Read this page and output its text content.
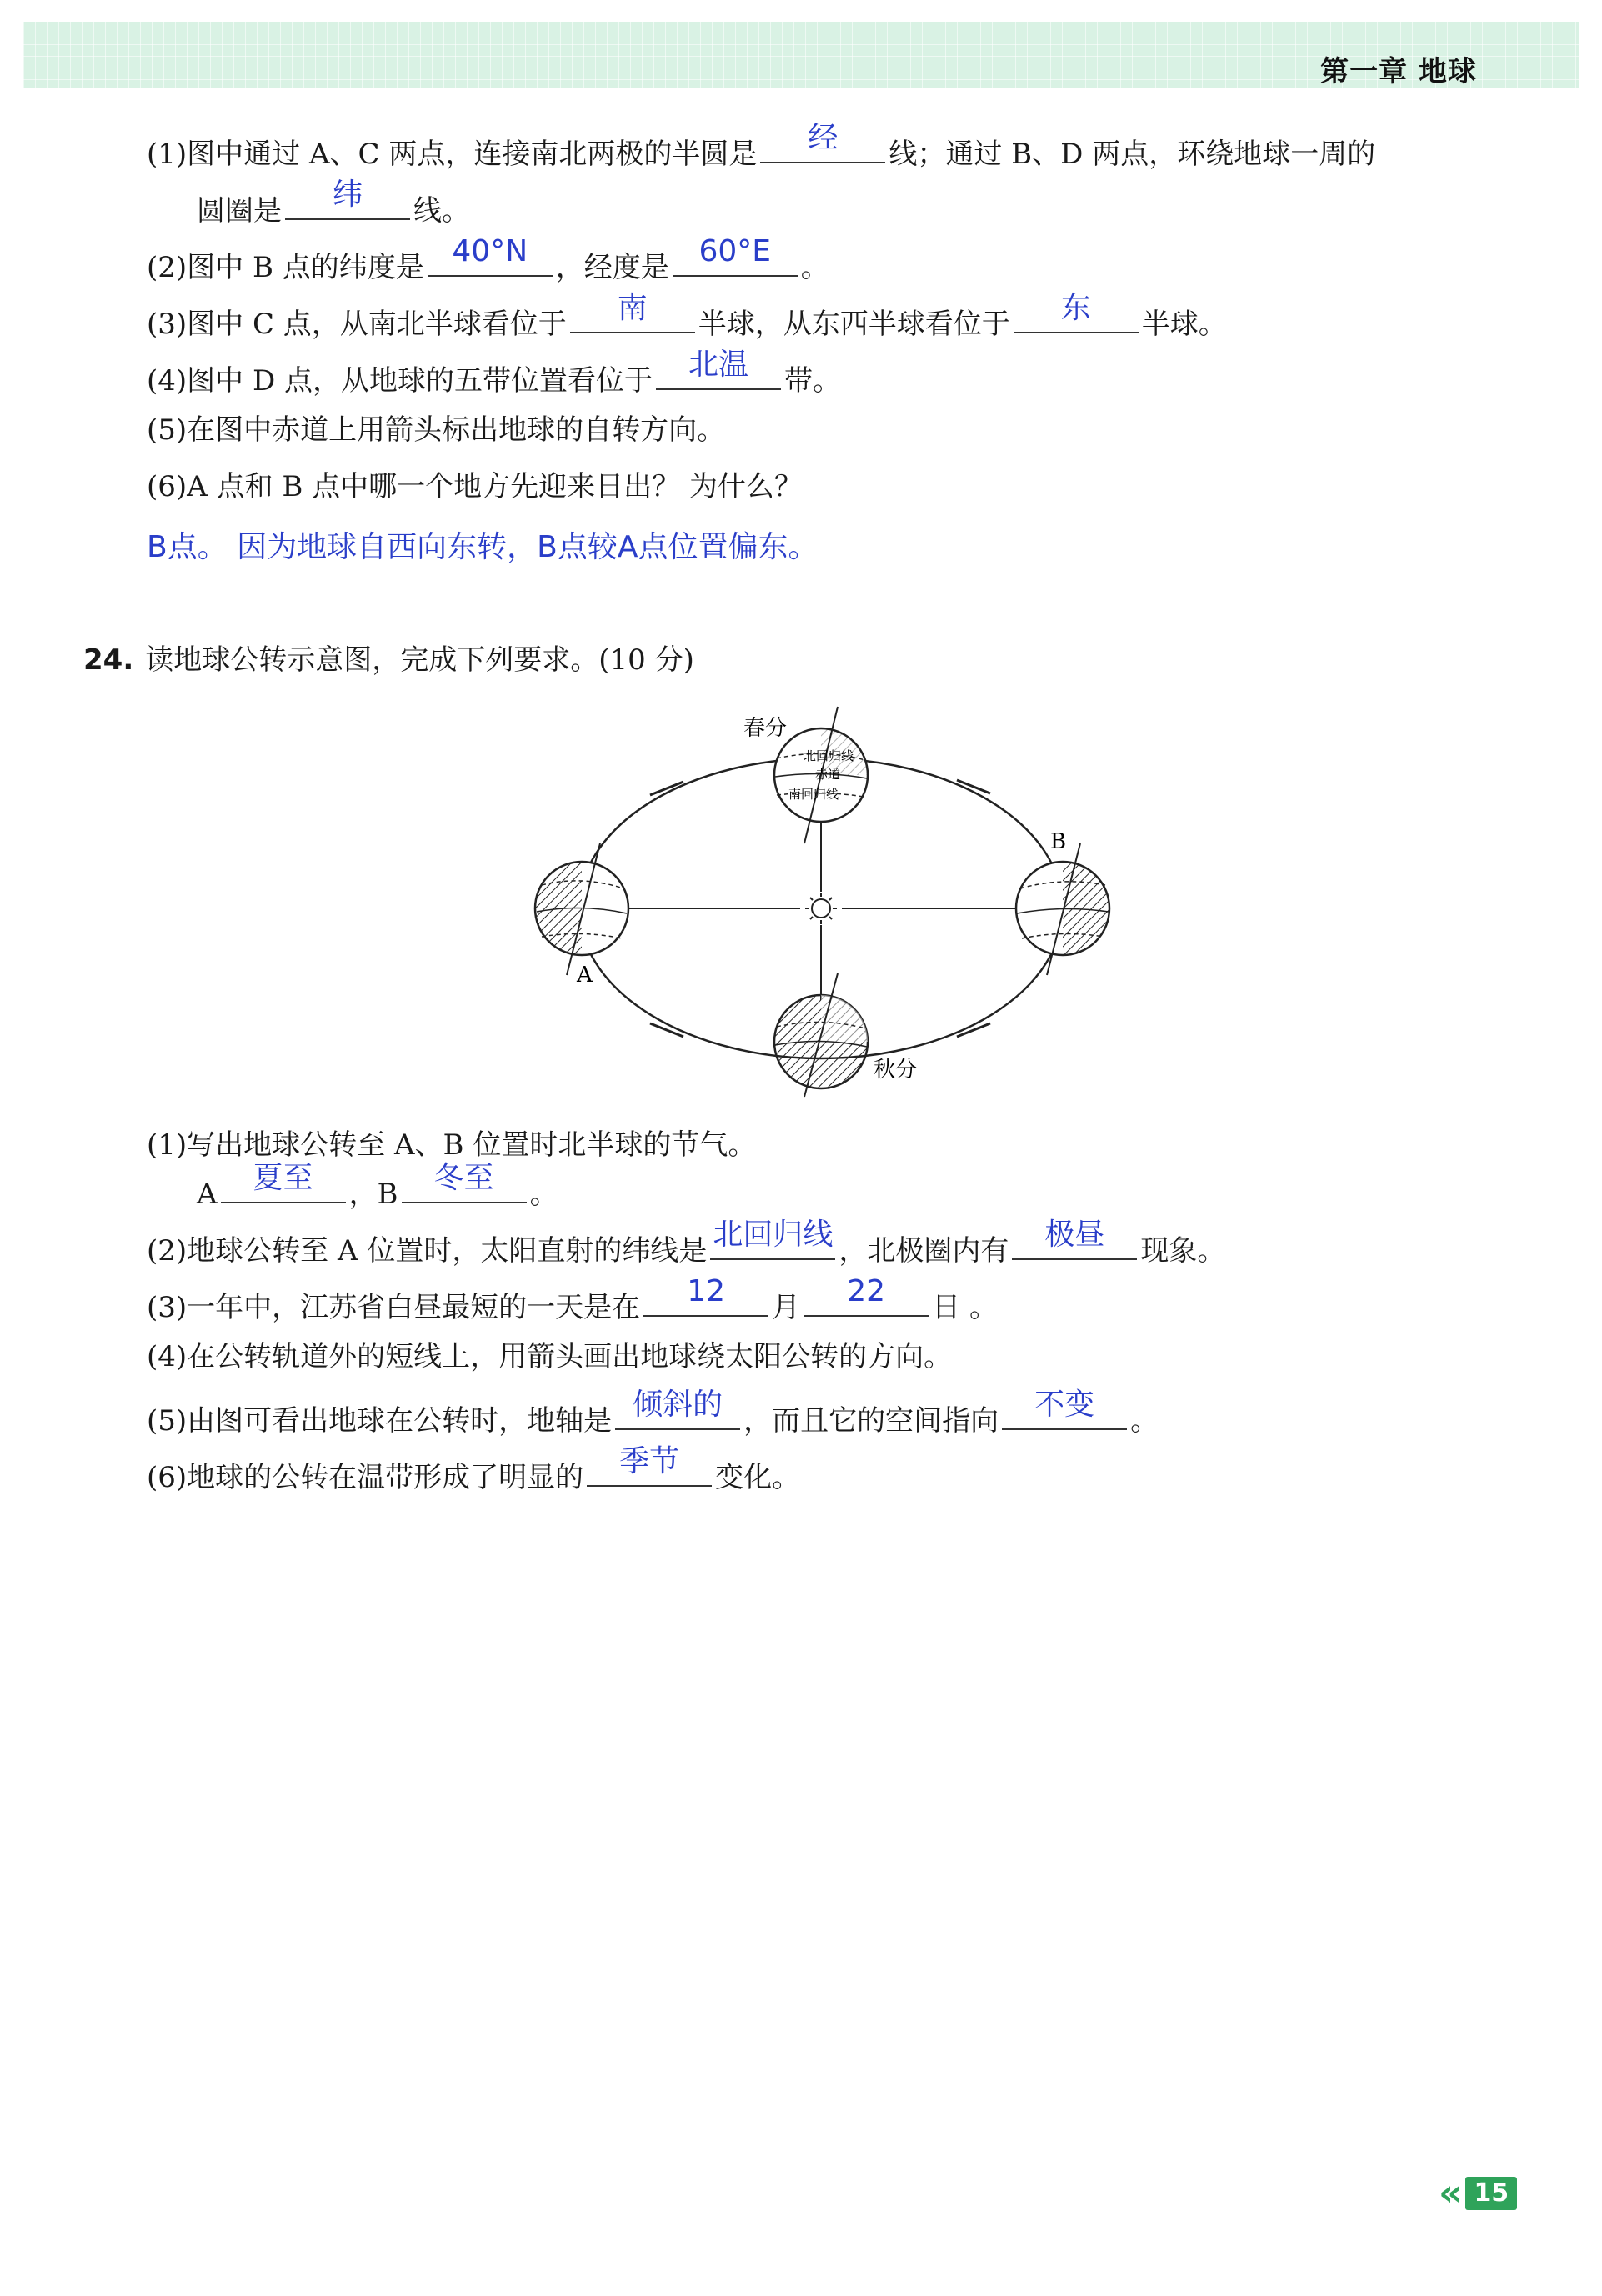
第一章 地球
(1)图中通过 A、C 两点，连接南北两极的半圆是	经	线；通过 B、D 两点，环绕地球一周的
圆圈是	纬	线。
(2)图中 B 点的纬度是 40°N ，经度是 60°E	。
(3)图中 C 点，从南北半球看位于	南	半球，从东西半球看位于	东	半球。
(4)图中 D 点，从地球的五带位置看位于	北温	带。
(5)在图中赤道上用箭头标出地球的自转方向。
(6)A 点和 B 点中哪一个地方先迎来日出？ 为什么？
B点。 因为地球自西向东转，B点较A点位置偏东。
24. 读地球公转示意图，完成下列要求。(10 分)
北回归线
赤道
南回归线
春分
A
B
秋分
(1)写出地球公转至 A、B 位置时北半球的节气。
A	夏至	，B	冬至	。
(2)地球公转至 A 位置时，太阳直射的纬线是 北回归线 ，北极圈内有	极昼	现象。
(3)一年中，江苏省白昼最短的一天是在	12	月	22	日 。
(4)在公转轨道外的短线上，用箭头画出地球绕太阳公转的方向。
(5)由图可看出地球在公转时，地轴是 倾斜的 ，而且它的空间指向	不变	。
(6)地球的公转在温带形成了明显的	季节	变化。
« 15
